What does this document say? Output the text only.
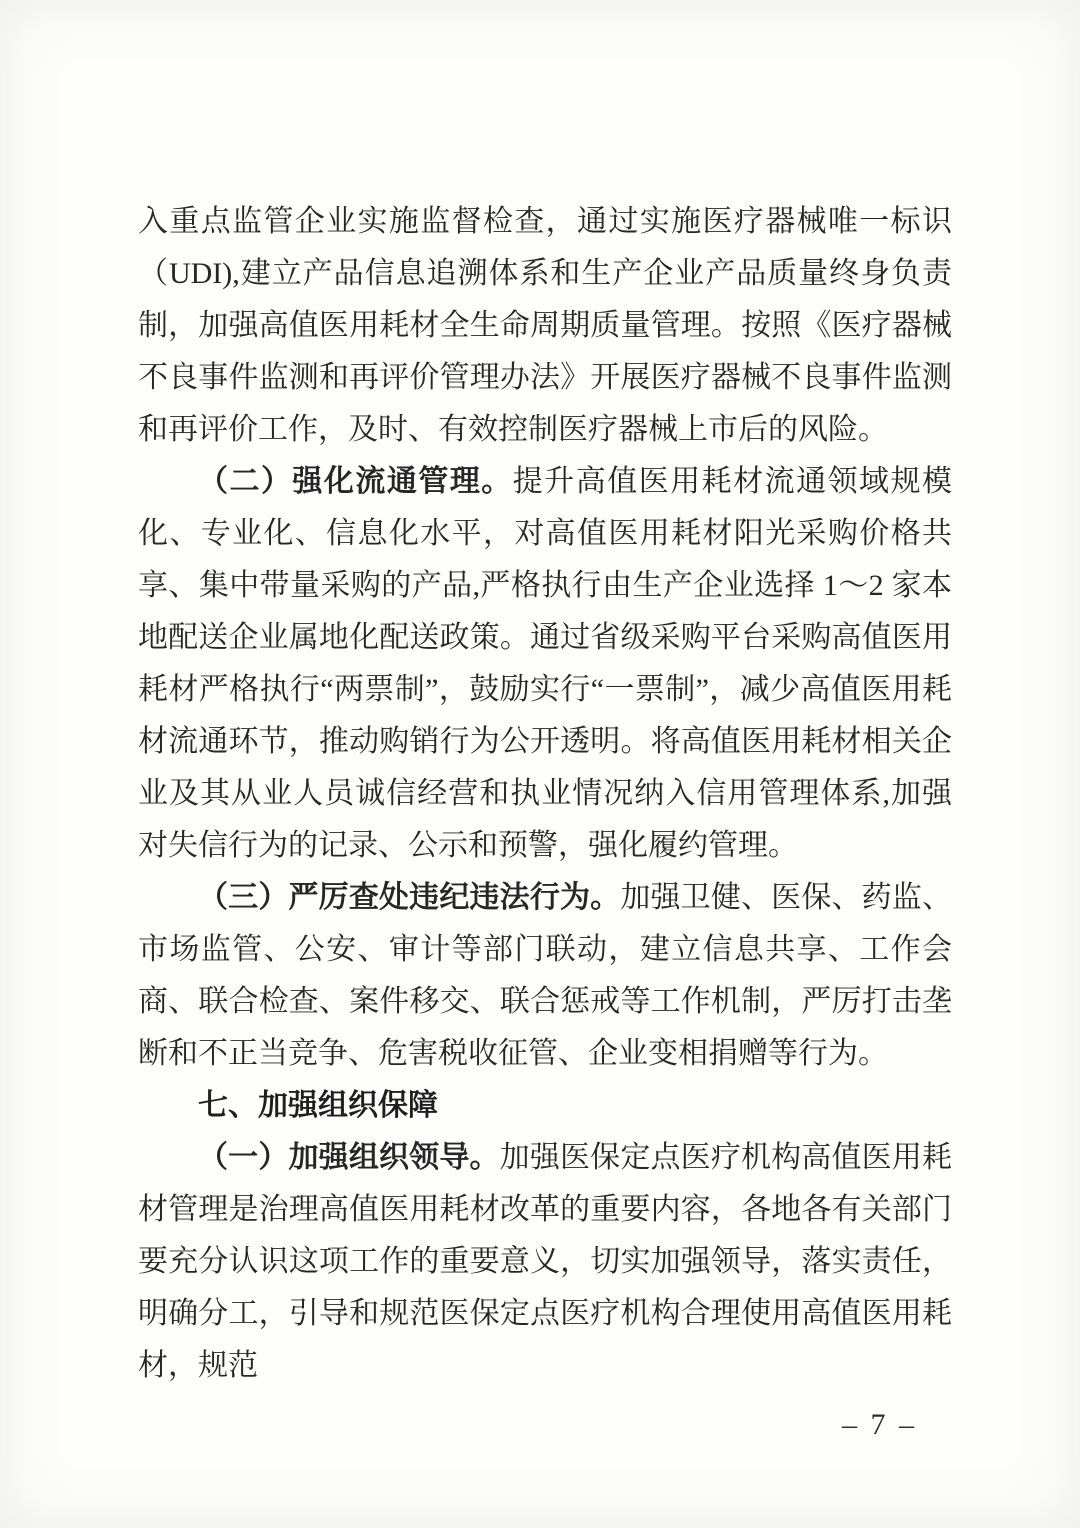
入重点监管企业实施监督检查，通过实施医疗器械唯一标识（UDI),建立产品信息追溯体系和生产企业产品质量终身负责制，加强高值医用耗材全生命周期质量管理。按照《医疗器械不良事件监测和再评价管理办法》开展医疗器械不良事件监测和再评价工作，及时、有效控制医疗器械上市后的风险。

（二）强化流通管理。提升高值医用耗材流通领域规模化、专业化、信息化水平，对高值医用耗材阳光采购价格共享、集中带量采购的产品,严格执行由生产企业选择 1～2 家本地配送企业属地化配送政策。通过省级采购平台采购高值医用耗材严格执行“两票制”，鼓励实行“一票制”，减少高值医用耗材流通环节，推动购销行为公开透明。将高值医用耗材相关企业及其从业人员诚信经营和执业情况纳入信用管理体系,加强对失信行为的记录、公示和预警，强化履约管理。

（三）严厉查处违纪违法行为。加强卫健、医保、药监、市场监管、公安、审计等部门联动，建立信息共享、工作会商、联合检查、案件移交、联合惩戒等工作机制，严厉打击垄断和不正当竞争、危害税收征管、企业变相捐赠等行为。

七、加强组织保障

（一）加强组织领导。加强医保定点医疗机构高值医用耗材管理是治理高值医用耗材改革的重要内容，各地各有关部门要充分认识这项工作的重要意义，切实加强领导，落实责任，明确分工，引导和规范医保定点医疗机构合理使用高值医用耗材，规范

– 7 –
